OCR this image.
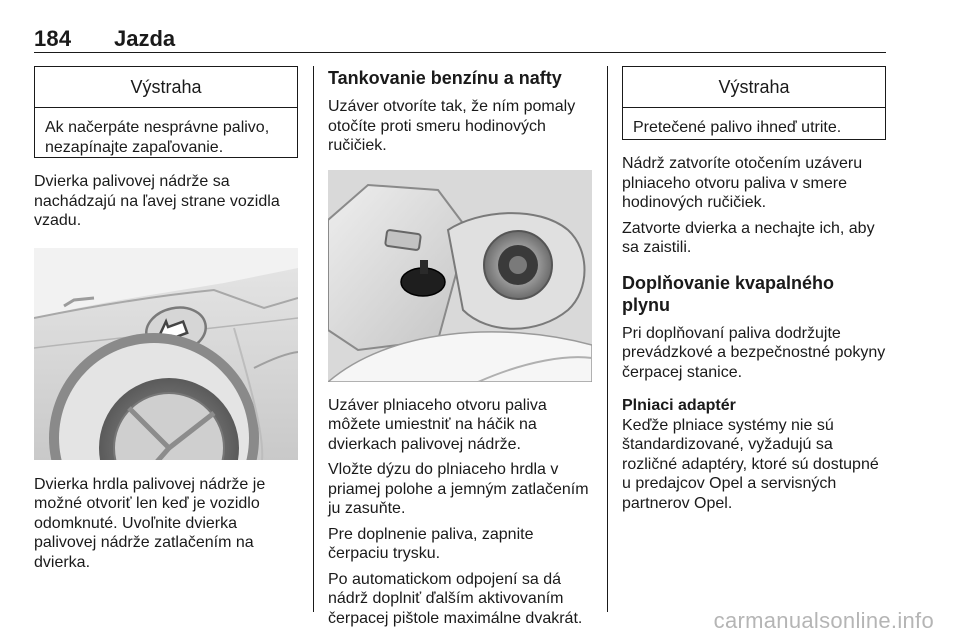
184 Jazda
Výstraha
Ak načerpáte nesprávne palivo, nezapínajte zapaľovanie.

Dvierka palivovej nádrže sa nachádzajú na ľavej strane vozidla vzadu.

Dvierka hrdla palivovej nádrže je možné otvoriť len keď je vozidlo odomknuté. Uvoľnite dvierka palivovej nádrže zatlačením na dvierka.

Tankovanie benzínu a nafty

Uzáver otvoríte tak, že ním pomaly otočíte proti smeru hodinových ručičiek.

Uzáver plniaceho otvoru paliva môžete umiestniť na háčik na dvierkach palivovej nádrže.

Vložte dýzu do plniaceho hrdla v priamej polohe a jemným zatlačením ju zasuňte.

Pre doplnenie paliva, zapnite čerpaciu trysku.

Po automatickom odpojení sa dá nádrž doplniť ďalším aktivovaním čerpacej pištole maximálne dvakrát.

Výstraha
Pretečené palivo ihneď utrite.

Nádrž zatvoríte otočením uzáveru plniaceho otvoru paliva v smere hodinových ručičiek.

Zatvorte dvierka a nechajte ich, aby sa zaistili.

Doplňovanie kvapalného plynu

Pri doplňovaní paliva dodržujte prevádzkové a bezpečnostné pokyny čerpacej stanice.

Plniaci adaptér

Keďže plniace systémy nie sú štandardizované, vyžadujú sa rozličné adaptéry, ktoré sú dostupné u predajcov Opel a servisných partnerov Opel.

carmanualsonline.info
